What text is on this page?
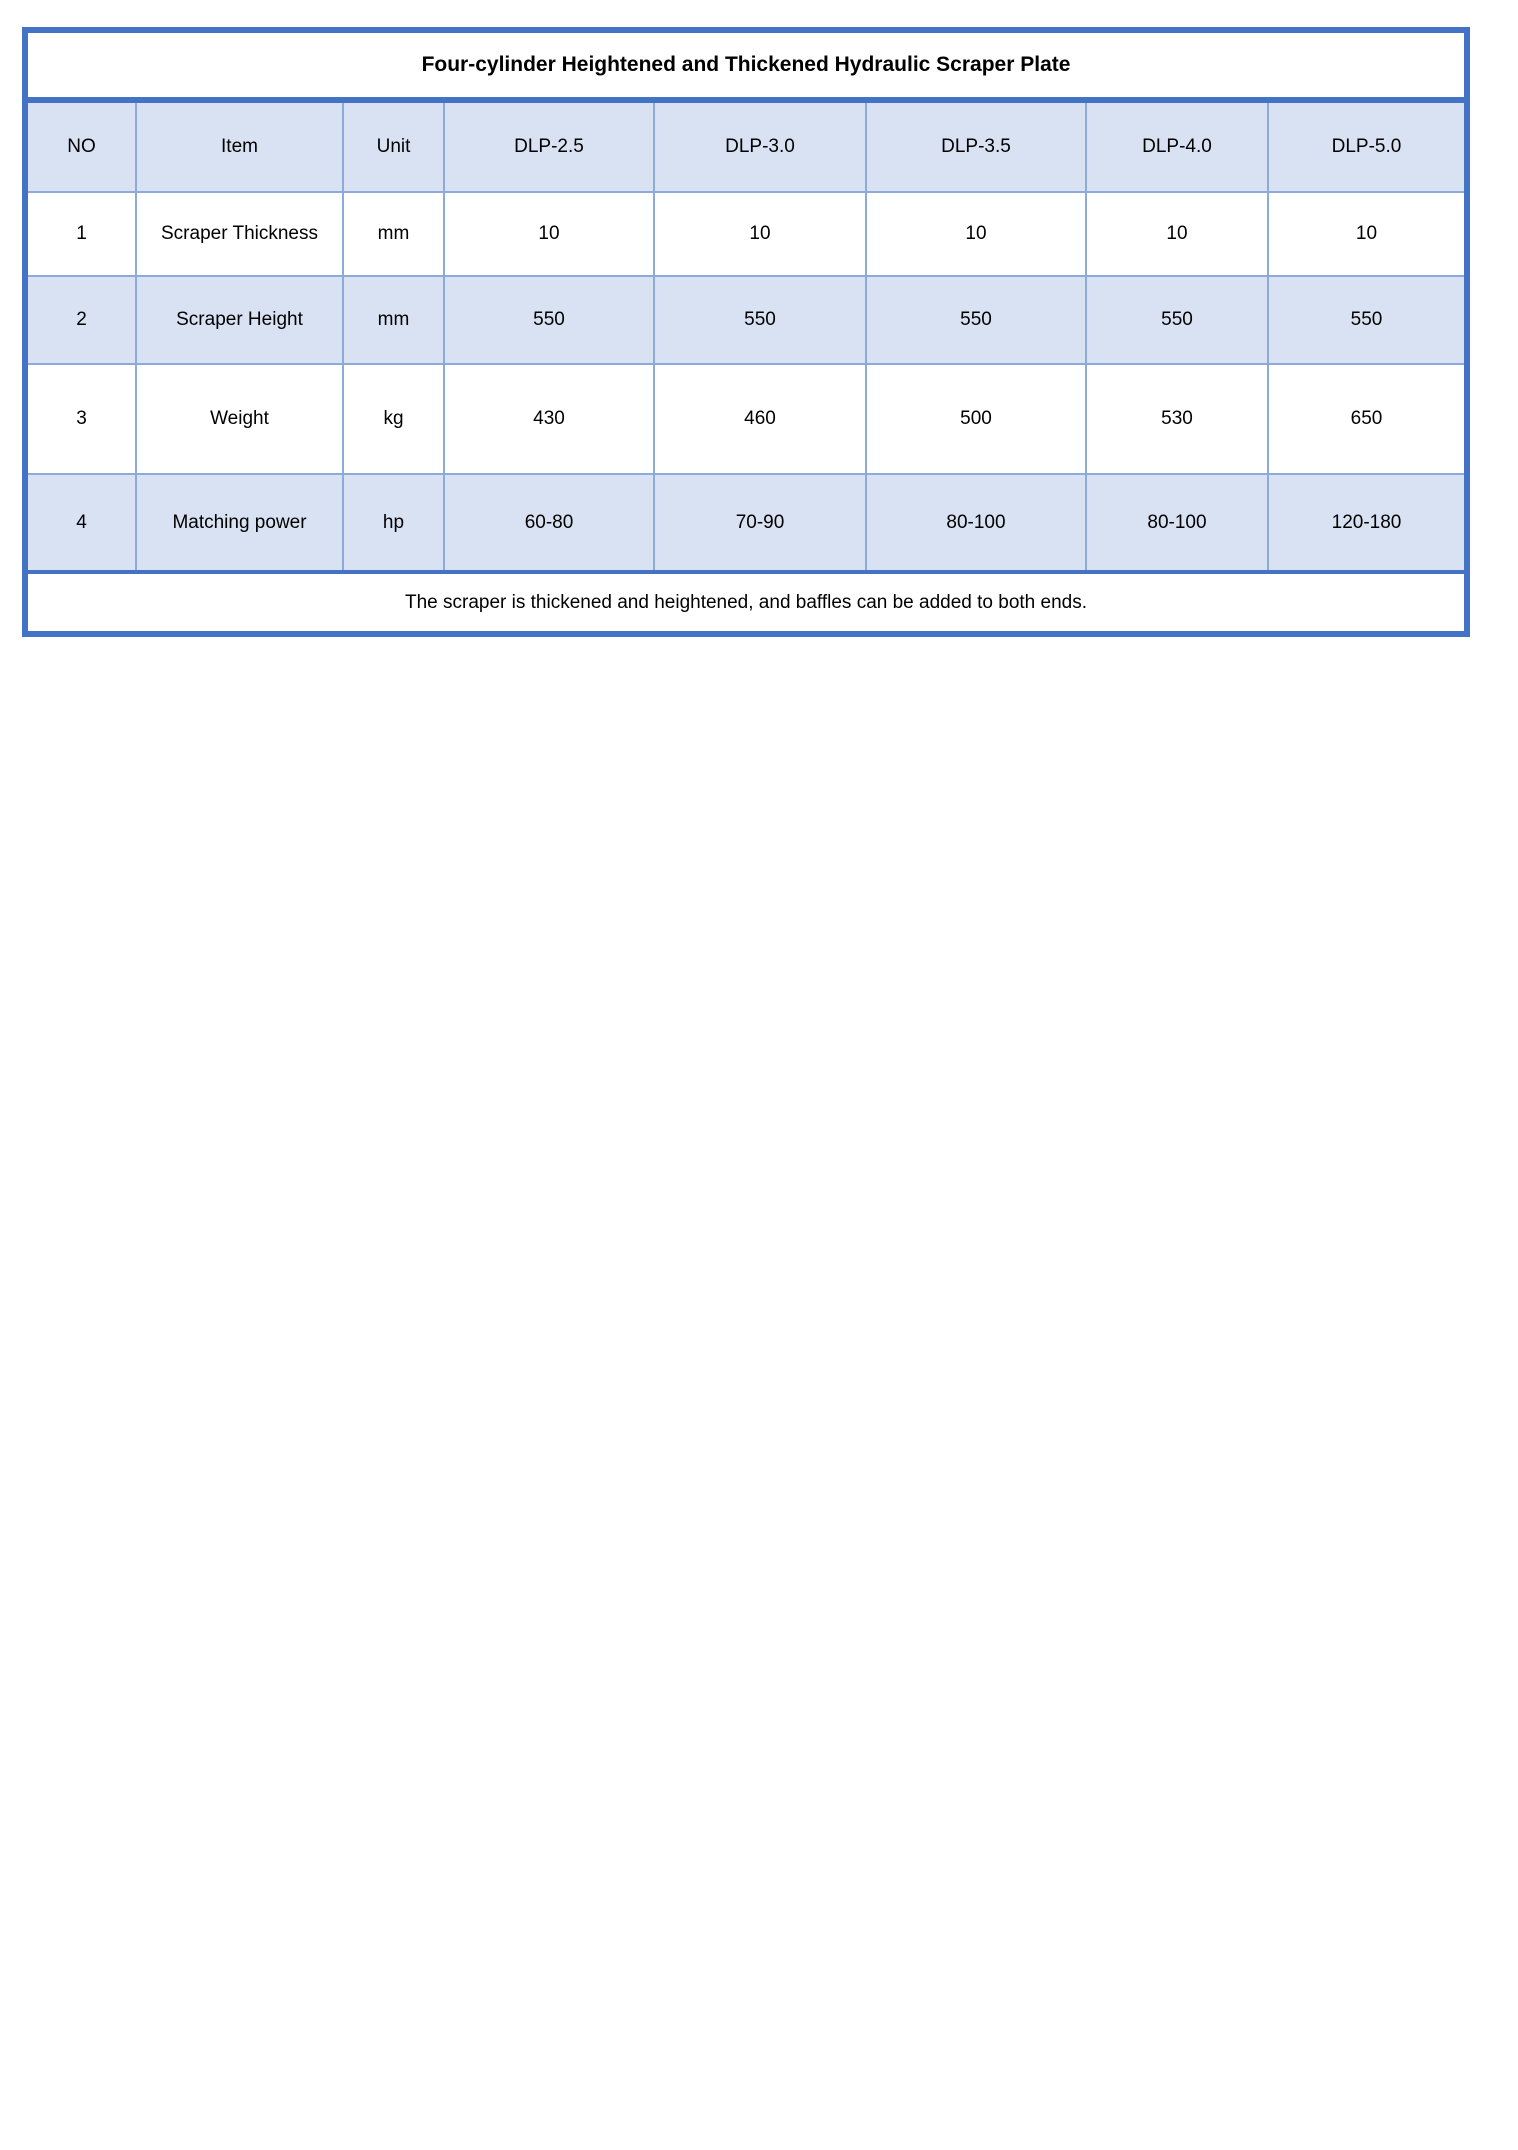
Four-cylinder Heightened and Thickened Hydraulic Scraper Plate							
NO	Item	Unit	DLP-2.5	DLP-3.0	DLP-3.5	DLP-4.0	DLP-5.0
1	Scraper Thickness	mm	10	10	10	10	10
2	Scraper Height	mm	550	550	550	550	550
3	Weight	kg	430	460	500	530	650
4	Matching power	hp	60-80	70-90	80-100	80-100	120-180
The scraper is thickened and heightened, and baffles can be added to both ends.							
